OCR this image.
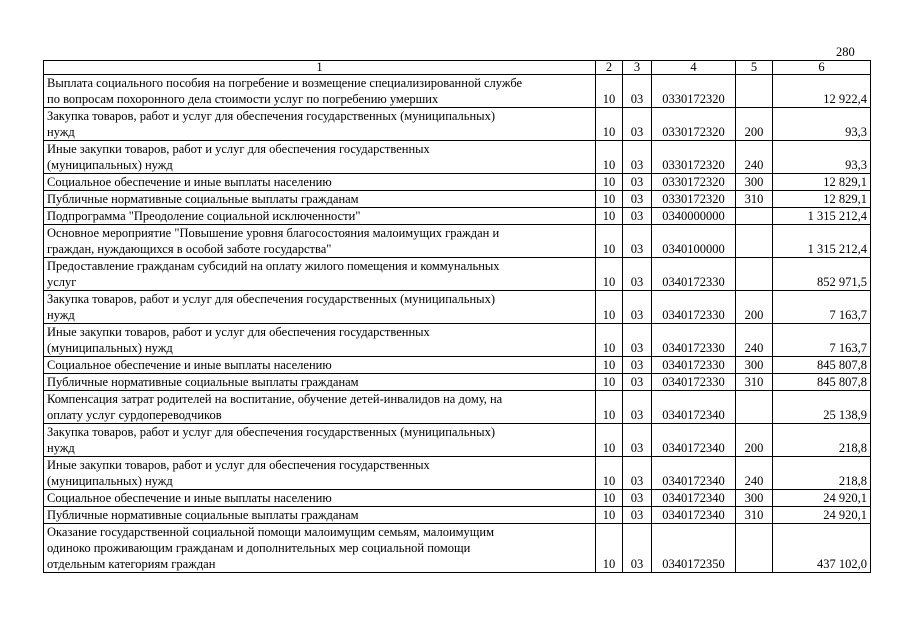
280
1	2	3	4	5	6

Выплата социального пособия на погребение и возмещение специализированной службе
по вопросам похоронного дела стоимости услуг по погребению умерших	10	03	0330172320		12 922,4

Закупка товаров, работ и услуг для обеспечения государственных (муниципальных)
нужд	10	03	0330172320	200	93,3

Иные закупки товаров, работ и услуг для обеспечения государственных
(муниципальных) нужд	10	03	0330172320	240	93,3

Социальное обеспечение и иные выплаты населению	10	03	0330172320	300	12 829,1

Публичные нормативные социальные выплаты гражданам	10	03	0330172320	310	12 829,1

Подпрограмма "Преодоление социальной исключенности"	10	03	0340000000		1 315 212,4

Основное мероприятие "Повышение уровня благосостояния малоимущих граждан и
граждан, нуждающихся в особой заботе государства"	10	03	0340100000		1 315 212,4

Предоставление гражданам субсидий на оплату жилого помещения и коммунальных
услуг	10	03	0340172330		852 971,5

Закупка товаров, работ и услуг для обеспечения государственных (муниципальных)
нужд	10	03	0340172330	200	7 163,7

Иные закупки товаров, работ и услуг для обеспечения государственных
(муниципальных) нужд	10	03	0340172330	240	7 163,7

Социальное обеспечение и иные выплаты населению	10	03	0340172330	300	845 807,8

Публичные нормативные социальные выплаты гражданам	10	03	0340172330	310	845 807,8

Компенсация затрат родителей на воспитание, обучение детей-инвалидов на дому, на
оплату услуг сурдопереводчиков	10	03	0340172340		25 138,9

Закупка товаров, работ и услуг для обеспечения государственных (муниципальных)
нужд	10	03	0340172340	200	218,8

Иные закупки товаров, работ и услуг для обеспечения государственных
(муниципальных) нужд	10	03	0340172340	240	218,8

Социальное обеспечение и иные выплаты населению	10	03	0340172340	300	24 920,1

Публичные нормативные социальные выплаты гражданам	10	03	0340172340	310	24 920,1

Оказание государственной социальной помощи малоимущим семьям, малоимущим
одиноко проживающим гражданам и дополнительных мер социальной помощи
отдельным категориям граждан	10	03	0340172350		437 102,0
